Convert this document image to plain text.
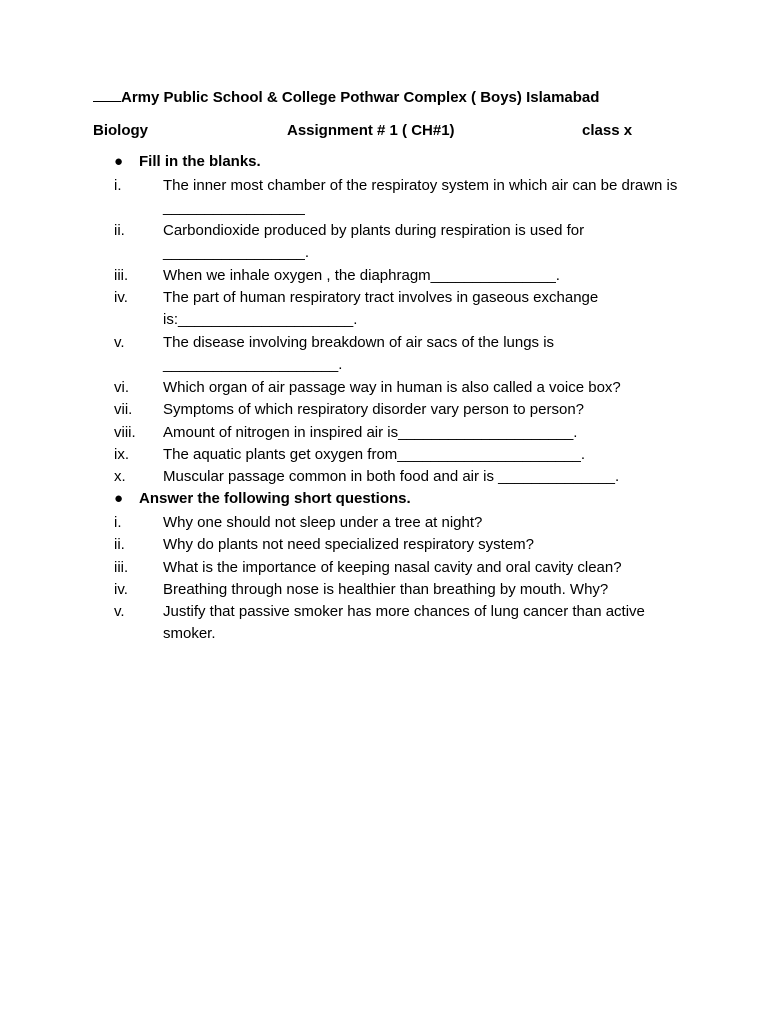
Army Public School & College Pothwar Complex ( Boys) Islamabad
Biology	Assignment # 1 ( CH#1)	class x
● Fill in the blanks.
i.	The inner most chamber of the respiratoy system in which air can be drawn is _________________
ii.	Carbondioxide produced by plants during respiration is used for _________________.
iii. When we inhale oxygen , the diaphragm_______________.
iv. The part of human respiratory tract involves in gaseous exchange is:_____________________.
v.	The disease involving breakdown of air sacs of the lungs is _____________________.
vi. Which organ of air passage way in human is also called a voice box?
vii. Symptoms of which respiratory disorder vary person to person?
viii. Amount of nitrogen in inspired air is_____________________.
ix. The aquatic plants get oxygen from______________________.
x. Muscular passage common in both food and air is ______________.
● Answer the following short questions.
i.	Why one should not sleep under a tree at night?
ii.	Why do plants not need specialized respiratory system?
iii. What is the importance of keeping nasal cavity and oral cavity clean?
iv. Breathing through nose is healthier than breathing by mouth. Why?
v.	Justify that passive smoker has more chances of lung cancer than active smoker.
